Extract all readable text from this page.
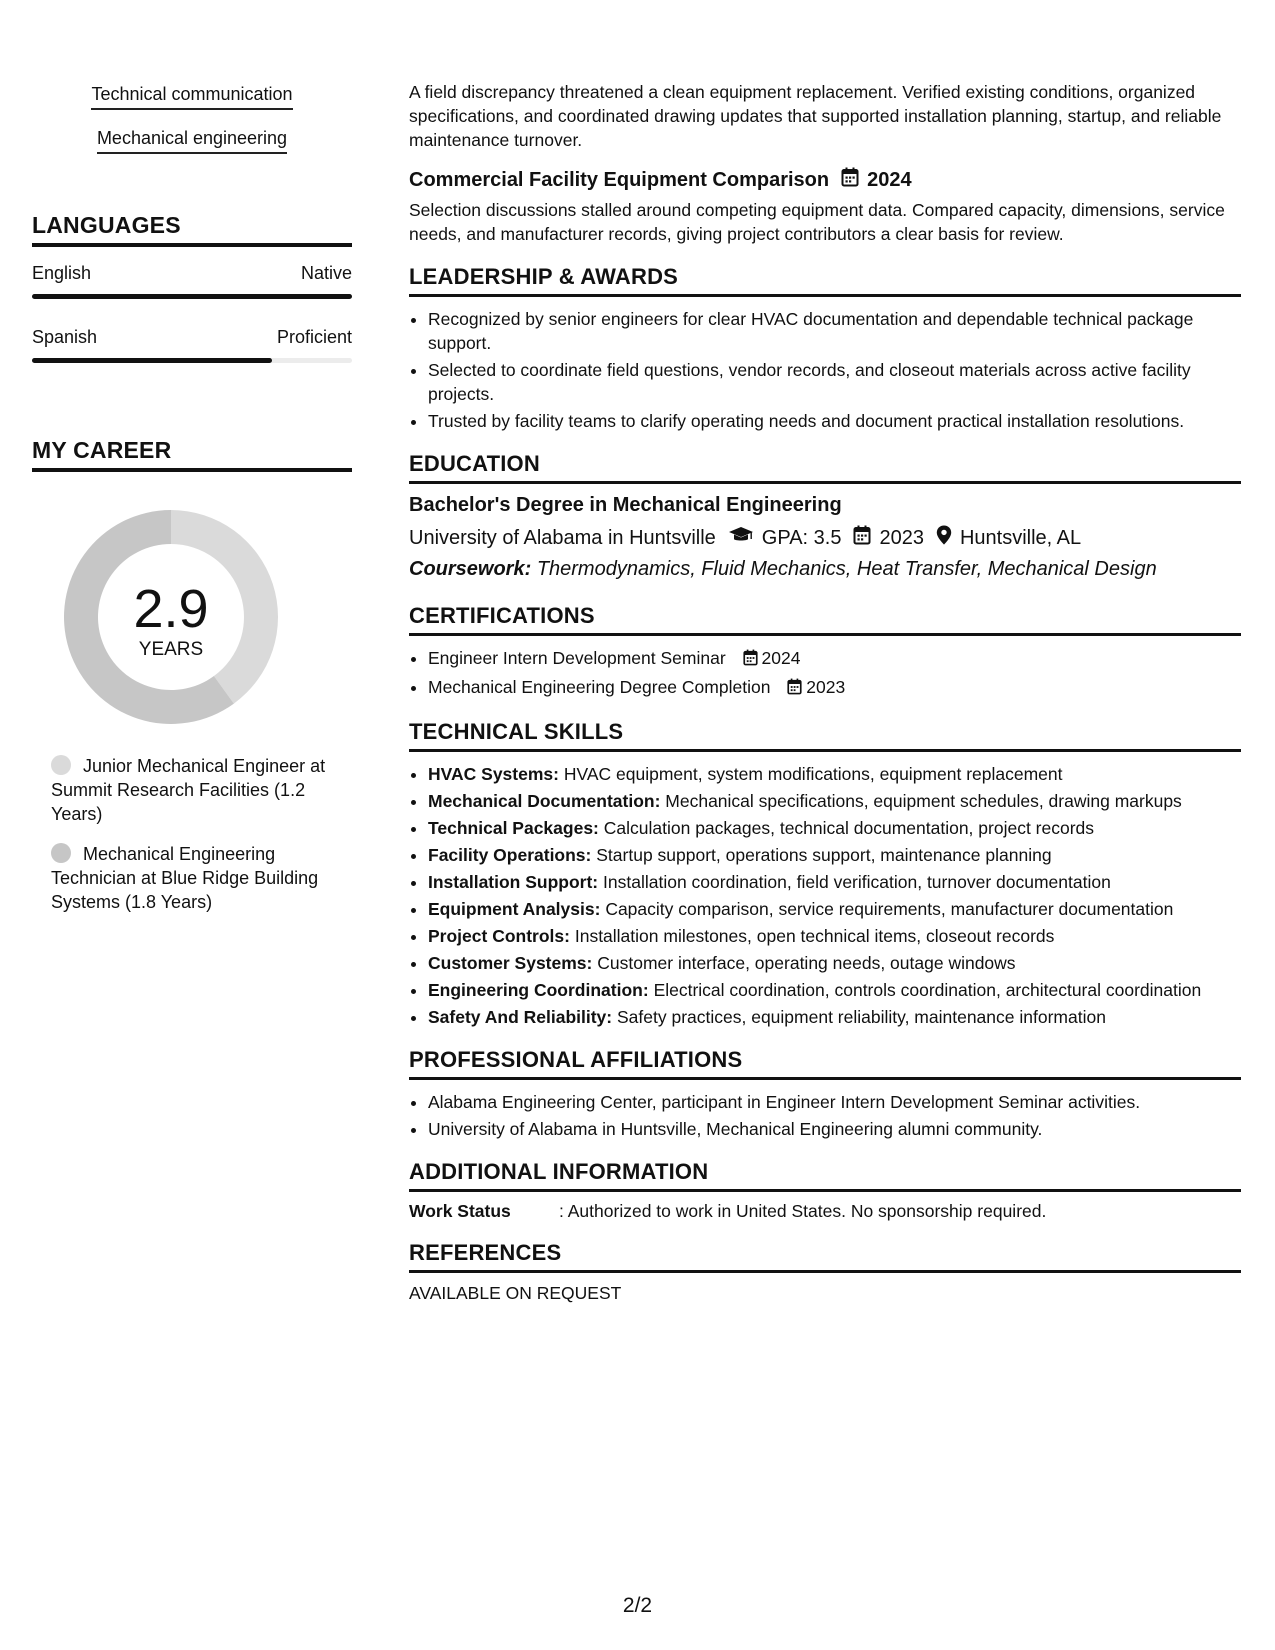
Technical communication
Mechanical engineering
LANGUAGES
English	Native
Spanish	Proficient
MY CAREER
2.9
YEARS
Junior Mechanical Engineer at Summit Research Facilities (1.2 Years)
Mechanical Engineering Technician at Blue Ridge Building Systems (1.8 Years)

A field discrepancy threatened a clean equipment replacement. Verified existing conditions, organized specifications, and coordinated drawing updates that supported installation planning, startup, and reliable maintenance turnover.

Commercial Facility Equipment Comparison 2024

Selection discussions stalled around competing equipment data. Compared capacity, dimensions, service needs, and manufacturer records, giving project contributors a clear basis for review.

LEADERSHIP & AWARDS
• Recognized by senior engineers for clear HVAC documentation and dependable technical package support.
• Selected to coordinate field questions, vendor records, and closeout materials across active facility projects.
• Trusted by facility teams to clarify operating needs and document practical installation resolutions.
EDUCATION
Bachelor's Degree in Mechanical Engineering
University of Alabama in Huntsville GPA: 3.5 2023 Huntsville, AL
Coursework: Thermodynamics, Fluid Mechanics, Heat Transfer, Mechanical Design
CERTIFICATIONS
• Engineer Intern Development Seminar 2024
• Mechanical Engineering Degree Completion 2023
TECHNICAL SKILLS
• HVAC Systems: HVAC equipment, system modifications, equipment replacement
• Mechanical Documentation: Mechanical specifications, equipment schedules, drawing markups
• Technical Packages: Calculation packages, technical documentation, project records
• Facility Operations: Startup support, operations support, maintenance planning
• Installation Support: Installation coordination, field verification, turnover documentation
• Equipment Analysis: Capacity comparison, service requirements, manufacturer documentation
• Project Controls: Installation milestones, open technical items, closeout records
• Customer Systems: Customer interface, operating needs, outage windows
• Engineering Coordination: Electrical coordination, controls coordination, architectural coordination
• Safety And Reliability: Safety practices, equipment reliability, maintenance information
PROFESSIONAL AFFILIATIONS
• Alabama Engineering Center, participant in Engineer Intern Development Seminar activities.
• University of Alabama in Huntsville, Mechanical Engineering alumni community.
ADDITIONAL INFORMATION
Work Status	: Authorized to work in United States. No sponsorship required.
REFERENCES
AVAILABLE ON REQUEST
2/2
